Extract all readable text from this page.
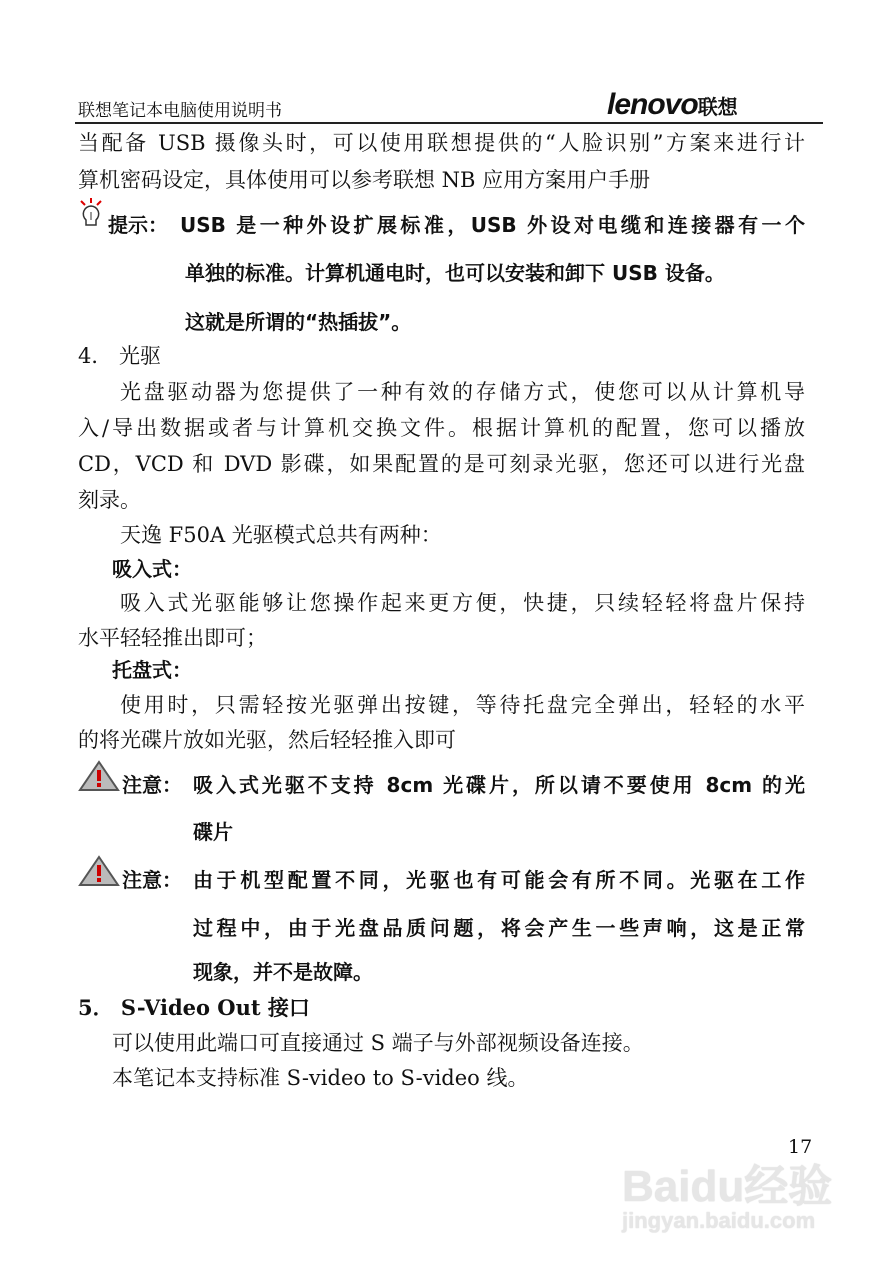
联想笔记本电脑使用说明书	lenovo联想
当配备 USB 摄像头时，可以使用联想提供的“人脸识别”方案来进行计
算机密码设定，具体使用可以参考联想 NB 应用方案用户手册
提示： USB 是一种外设扩展标准，USB 外设对电缆和连接器有一个
单独的标准。计算机通电时，也可以安装和卸下 USB 设备。
这就是所谓的“热插拔”。
4． 光驱
光盘驱动器为您提供了一种有效的存储方式，使您可以从计算机导
入/导出数据或者与计算机交换文件。根据计算机的配置，您可以播放
CD，VCD 和 DVD 影碟，如果配置的是可刻录光驱，您还可以进行光盘
刻录。
天逸 F50A 光驱模式总共有两种：
吸入式：
吸入式光驱能够让您操作起来更方便，快捷，只续轻轻将盘片保持
水平轻轻推出即可；
托盘式：
使用时，只需轻按光驱弹出按键，等待托盘完全弹出，轻轻的水平
的将光碟片放如光驱，然后轻轻推入即可
注意： 吸入式光驱不支持 8cm 光碟片，所以请不要使用 8cm 的光
碟片
注意： 由于机型配置不同，光驱也有可能会有所不同。光驱在工作
过程中，由于光盘品质问题，将会产生一些声响，这是正常
现象，并不是故障。
5． S-Video Out 接口
可以使用此端口可直接通过 S 端子与外部视频设备连接。
本笔记本支持标准 S-video to S-video 线。
17
Baidu经验
jingyan.baidu.com
